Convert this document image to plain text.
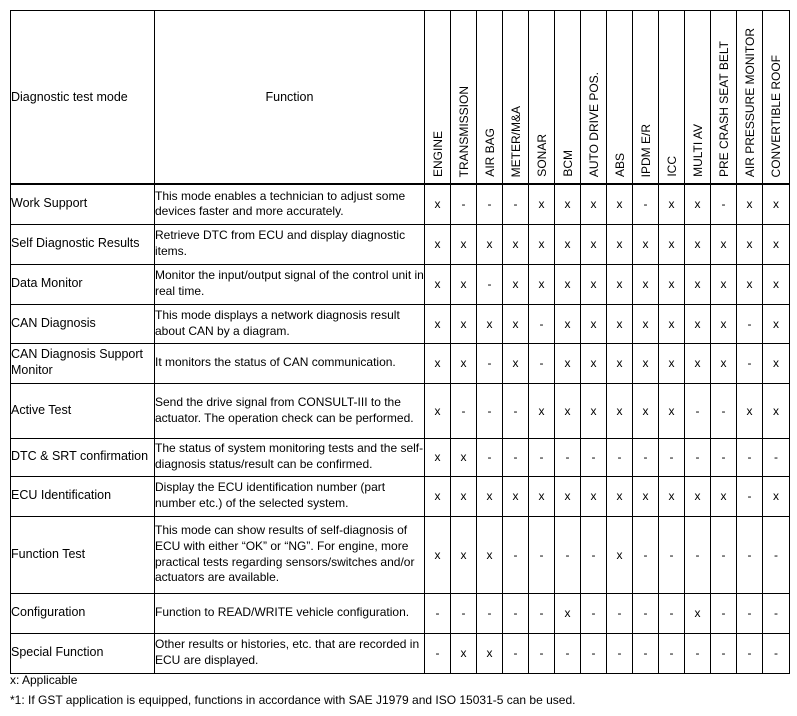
Diagnostic test mode	Function	ENGINE	TRANSMISSION	AIR BAG	METER/M&A	SONAR	BCM	AUTO DRIVE POS.	ABS	IPDM E/R	ICC	MULTI AV	PRE CRASH SEAT BELT	AIR PRESSURE MONITOR	CONVERTIBLE ROOF

Work Support	This mode enables a technician to adjust some devices faster and more accurately.	x	-	-	-	x	x	x	x	-	x	x	-	x	x
Self Diagnostic Results	Retrieve DTC from ECU and display diagnostic items.	x	x	x	x	x	x	x	x	x	x	x	x	x	x
Data Monitor	Monitor the input/output signal of the control unit in real time.	x	x	-	x	x	x	x	x	x	x	x	x	x	x
CAN Diagnosis	This mode displays a network diagnosis result about CAN by a diagram.	x	x	x	x	-	x	x	x	x	x	x	x	-	x
CAN Diagnosis Support Monitor	It monitors the status of CAN communication.	x	x	-	x	-	x	x	x	x	x	x	x	-	x
Active Test	Send the drive signal from CONSULT-III to the actuator. The operation check can be performed.	x	-	-	-	x	x	x	x	x	x	-	-	x	x
DTC & SRT confirmation	The status of system monitoring tests and the self-diagnosis status/result can be confirmed.	x	x	-	-	-	-	-	-	-	-	-	-	-	-
ECU Identification	Display the ECU identification number (part number etc.) of the selected system.	x	x	x	x	x	x	x	x	x	x	x	x	-	x
Function Test	This mode can show results of self-diagnosis of ECU with either “OK” or “NG”. For engine, more practical tests regarding sensors/switches and/or actuators are available.	x	x	x	-	-	-	-	x	-	-	-	-	-	-
Configuration	Function to READ/WRITE vehicle configuration.	-	-	-	-	-	x	-	-	-	-	x	-	-	-
Special Function	Other results or histories, etc. that are recorded in ECU are displayed.	-	x	x	-	-	-	-	-	-	-	-	-	-	-
x: Applicable
*1: If GST application is equipped, functions in accordance with SAE J1979 and ISO 15031-5 can be used.
